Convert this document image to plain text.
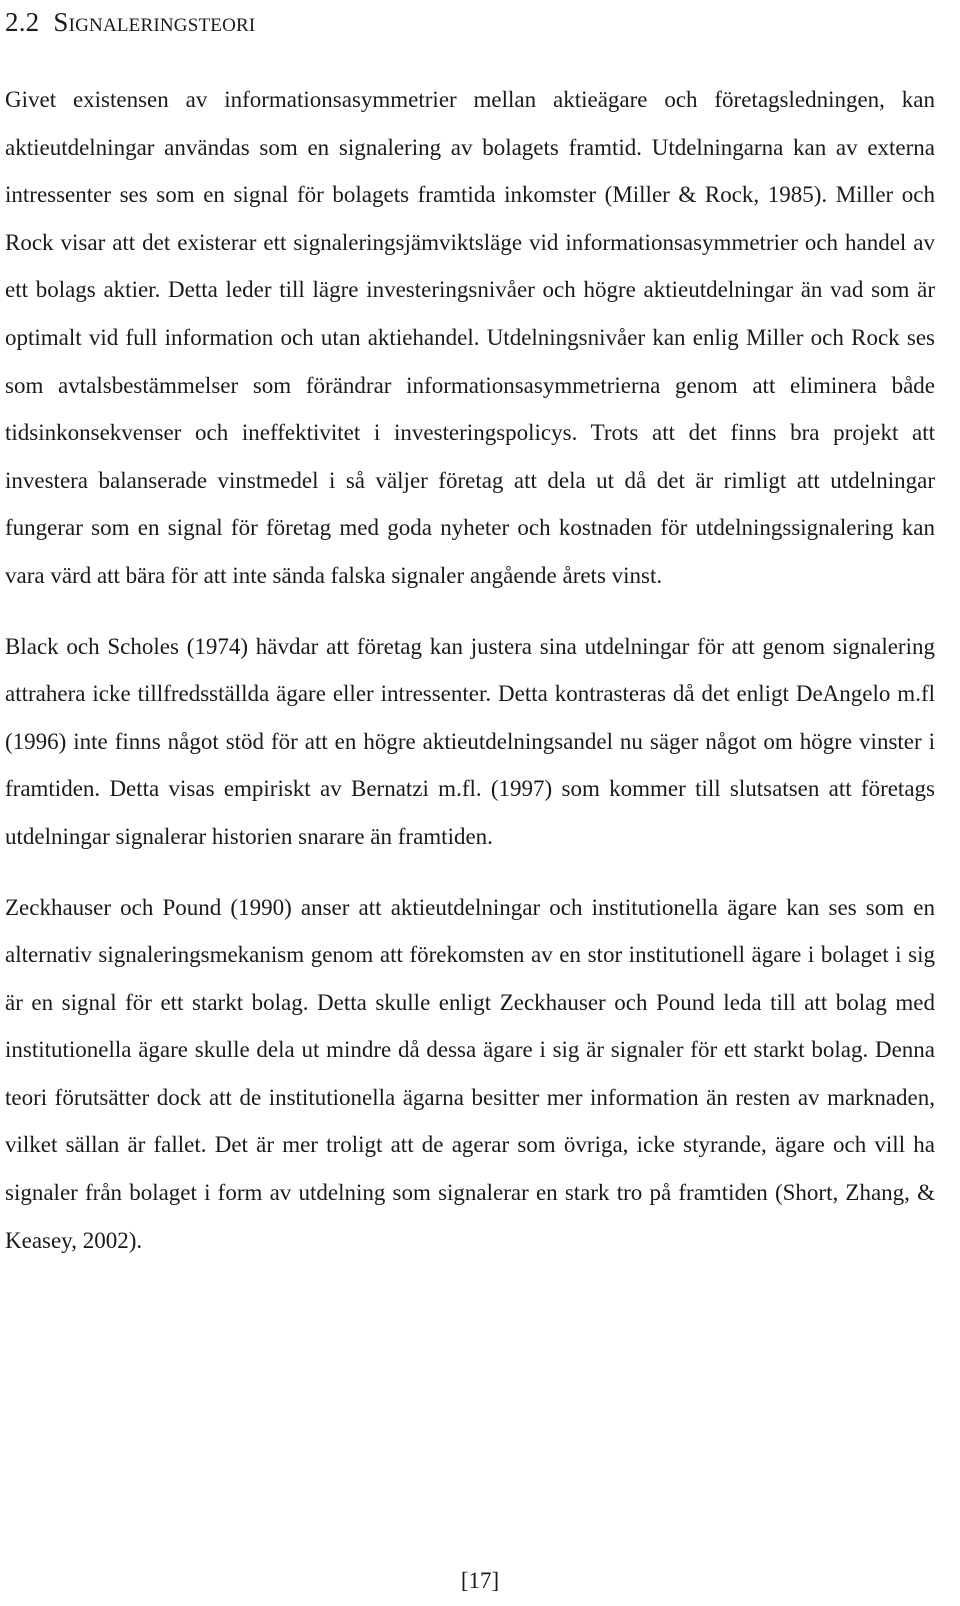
2.2 Signaleringsteori

Givet existensen av informationsasymmetrier mellan aktieägare och företagsledningen, kan aktieutdelningar användas som en signalering av bolagets framtid. Utdelningarna kan av externa intressenter ses som en signal för bolagets framtida inkomster (Miller & Rock, 1985). Miller och Rock visar att det existerar ett signaleringsjämviktsläge vid informationsasymmetrier och handel av ett bolags aktier. Detta leder till lägre investeringsnivåer och högre aktieutdelningar än vad som är optimalt vid full information och utan aktiehandel. Utdelningsnivåer kan enlig Miller och Rock ses som avtalsbestämmelser som förändrar informationsasymmetrierna genom att eliminera både tidsinkonsekvenser och ineffektivitet i investeringspolicys. Trots att det finns bra projekt att investera balanserade vinstmedel i så väljer företag att dela ut då det är rimligt att utdelningar fungerar som en signal för företag med goda nyheter och kostnaden för utdelningssignalering kan vara värd att bära för att inte sända falska signaler angående årets vinst.

Black och Scholes (1974) hävdar att företag kan justera sina utdelningar för att genom signalering attrahera icke tillfredsställda ägare eller intressenter. Detta kontrasteras då det enligt DeAngelo m.fl (1996) inte finns något stöd för att en högre aktieutdelningsandel nu säger något om högre vinster i framtiden. Detta visas empiriskt av Bernatzi m.fl. (1997) som kommer till slutsatsen att företags utdelningar signalerar historien snarare än framtiden.

Zeckhauser och Pound (1990) anser att aktieutdelningar och institutionella ägare kan ses som en alternativ signaleringsmekanism genom att förekomsten av en stor institutionell ägare i bolaget i sig är en signal för ett starkt bolag. Detta skulle enligt Zeckhauser och Pound leda till att bolag med institutionella ägare skulle dela ut mindre då dessa ägare i sig är signaler för ett starkt bolag. Denna teori förutsätter dock att de institutionella ägarna besitter mer information än resten av marknaden, vilket sällan är fallet. Det är mer troligt att de agerar som övriga, icke styrande, ägare och vill ha signaler från bolaget i form av utdelning som signalerar en stark tro på framtiden (Short, Zhang, & Keasey, 2002).

[17]
